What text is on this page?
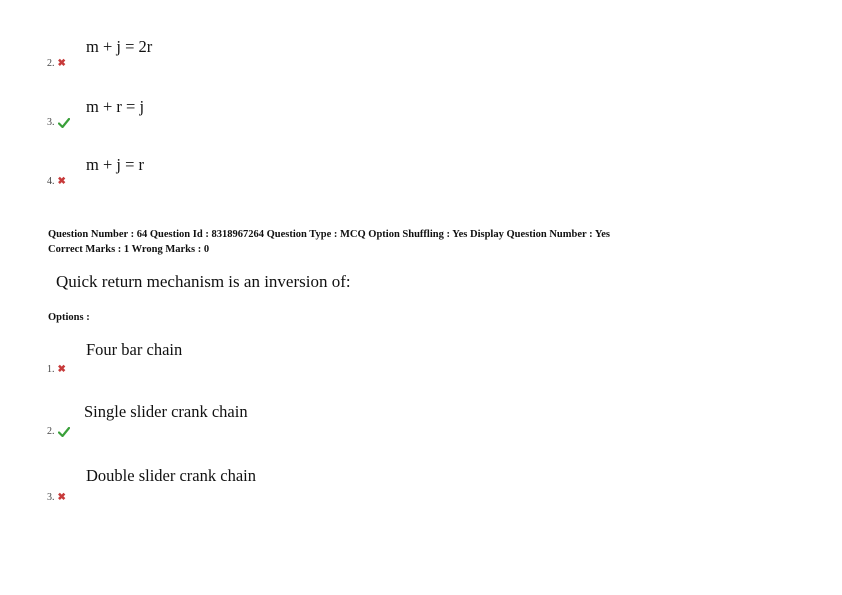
m + j = 2r
2. ✖
m + r = j
3.
m + j = r
4. ✖
Question Number : 64 Question Id : 8318967264 Question Type : MCQ Option Shuffling : Yes Display Question Number : Yes
Correct Marks : 1 Wrong Marks : 0
Quick return mechanism is an inversion of:
Options :
Four bar chain
1. ✖
Single slider crank chain
2.
Double slider crank chain
3. ✖
